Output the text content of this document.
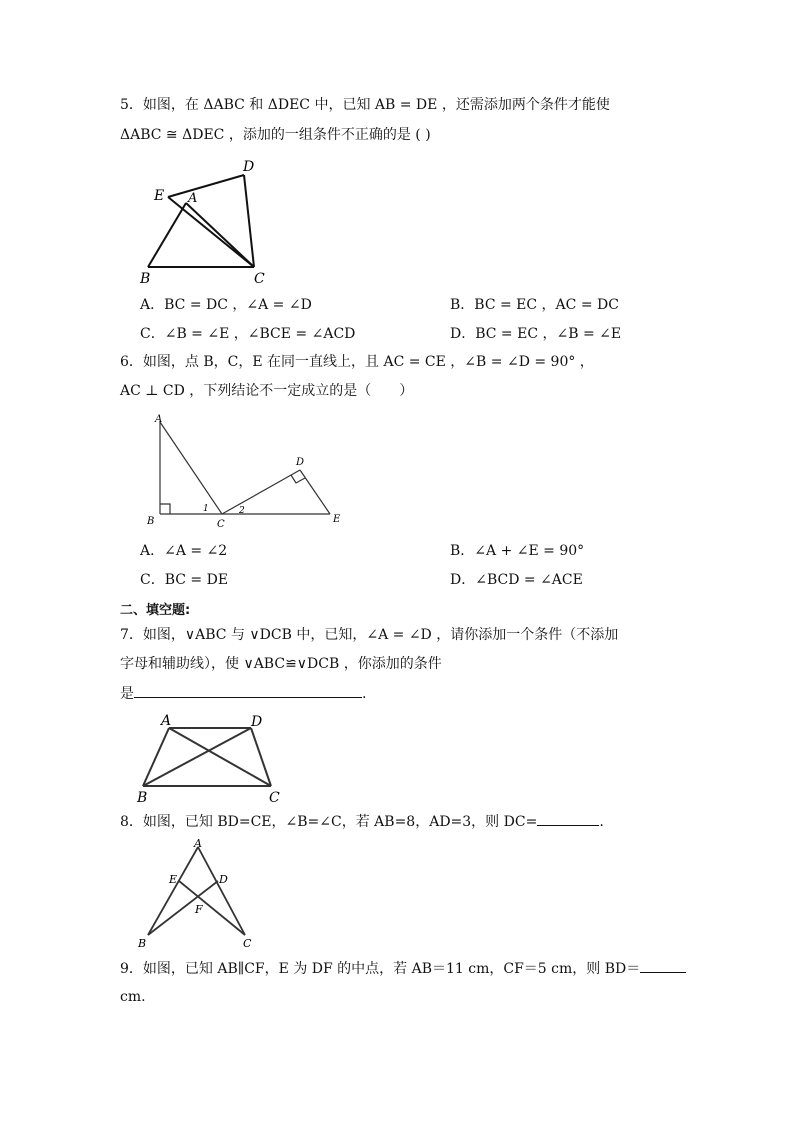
5．如图，在 ΔABC 和 ΔDEC 中，已知 AB = DE ，还需添加两个条件才能使
ΔABC ≅ ΔDEC ，添加的一组条件不正确的是 ( )
E A
D
B	C
A．BC = DC ，∠A = ∠D	B．BC = EC ，AC = DC
C．∠B = ∠E ，∠BCE = ∠ACD	D．BC = EC ，∠B = ∠E
6．如图，点 B，C，E 在同一直线上，且 AC = CE ，∠B = ∠D = 90° ，
AC ⊥ CD ，下列结论不一定成立的是（　　）
A
B	C
D
E
1	2
A．∠A = ∠2	B．∠A + ∠E = 90°
C．BC = DE	D．∠BCD = ∠ACE
二、填空题:
7．如图，∨ABC 与 ∨DCB 中，已知，∠A = ∠D ，请你添加一个条件（不添加
字母和辅助线），使 ∨ABC≌∨DCB ，你添加的条件
是	.
A	D
B	C
8．如图，已知 BD=CE，∠B=∠C，若 AB=8，AD=3，则 DC=	.
A
E	D
F
B	C
9．如图，已知 AB∥CF，E 为 DF 的中点，若 AB＝11 cm，CF＝5 cm，则 BD＝
cm.
